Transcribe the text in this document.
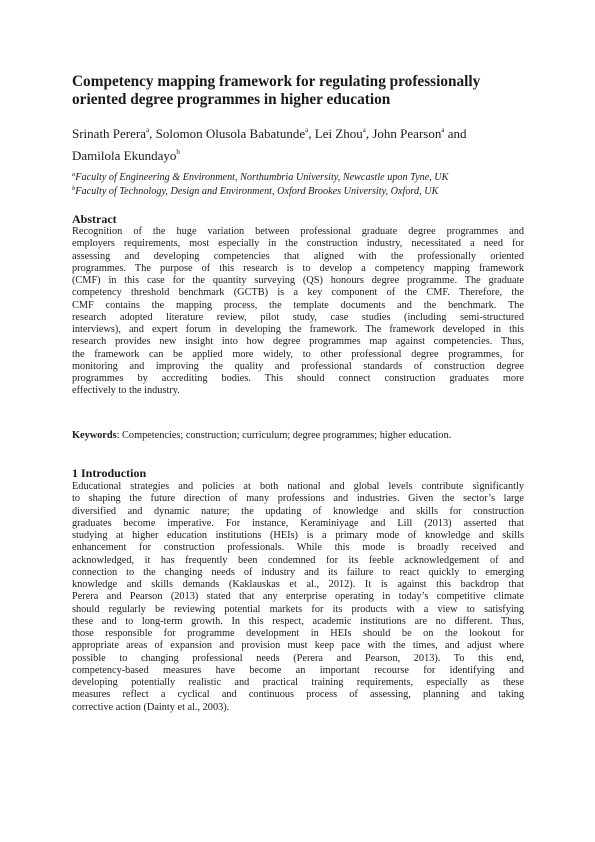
Competency mapping framework for regulating professionally
oriented degree programmes in higher education
Srinath Perera$^a$, Solomon Olusola Babatunde$^a$, Lei Zhou$^a$, John Pearson$^a$ and
Damilola Ekundayo$^b$
$^a$Faculty of Engineering & Environment, Northumbria University, Newcastle upon Tyne, UK
$^b$Faculty of Technology, Design and Environment, Oxford Brookes University, Oxford, UK
Abstract
Recognition of the huge variation between professional graduate degree programmes and
employers requirements, most especially in the construction industry, necessitated a need for
assessing and developing competencies that aligned with the professionally oriented
programmes. The purpose of this research is to develop a competency mapping framework
(CMF) in this case for the quantity surveying (QS) honours degree programme. The graduate
competency threshold benchmark (GCTB) is a key component of the CMF. Therefore, the
CMF contains the mapping process, the template documents and the benchmark. The
research adopted literature review, pilot study, case studies (including semi-structured
interviews), and expert forum in developing the framework. The framework developed in this
research provides new insight into how degree programmes map against competencies. Thus,
the framework can be applied more widely, to other professional degree programmes, for
monitoring and improving the quality and professional standards of construction degree
programmes by accrediting bodies. This should connect construction graduates more
effectively to the industry.
Keywords: Competencies; construction; curriculum; degree programmes; higher education.
1 Introduction
Educational strategies and policies at both national and global levels contribute significantly
to shaping the future direction of many professions and industries. Given the sector’s large
diversified and dynamic nature; the updating of knowledge and skills for construction
graduates become imperative. For instance, Keraminiyage and Lill (2013) asserted that
studying at higher education institutions (HEIs) is a primary mode of knowledge and skills
enhancement for construction professionals. While this mode is broadly received and
acknowledged, it has frequently been condemned for its feeble acknowledgement of and
connection to the changing needs of industry and its failure to react quickly to emerging
knowledge and skills demands (Kaklauskas et al., 2012). It is against this backdrop that
Perera and Pearson (2013) stated that any enterprise operating in today’s competitive climate
should regularly be reviewing potential markets for its products with a view to satisfying
these and to long-term growth. In this respect, academic institutions are no different. Thus,
those responsible for programme development in HEIs should be on the lookout for
appropriate areas of expansion and provision must keep pace with the times, and adjust where
possible to changing professional needs (Perera and Pearson, 2013). To this end,
competency-based measures have become an important recourse for identifying and
developing potentially realistic and practical training requirements, especially as these
measures reflect a cyclical and continuous process of assessing, planning and taking
corrective action (Dainty et al., 2003).
